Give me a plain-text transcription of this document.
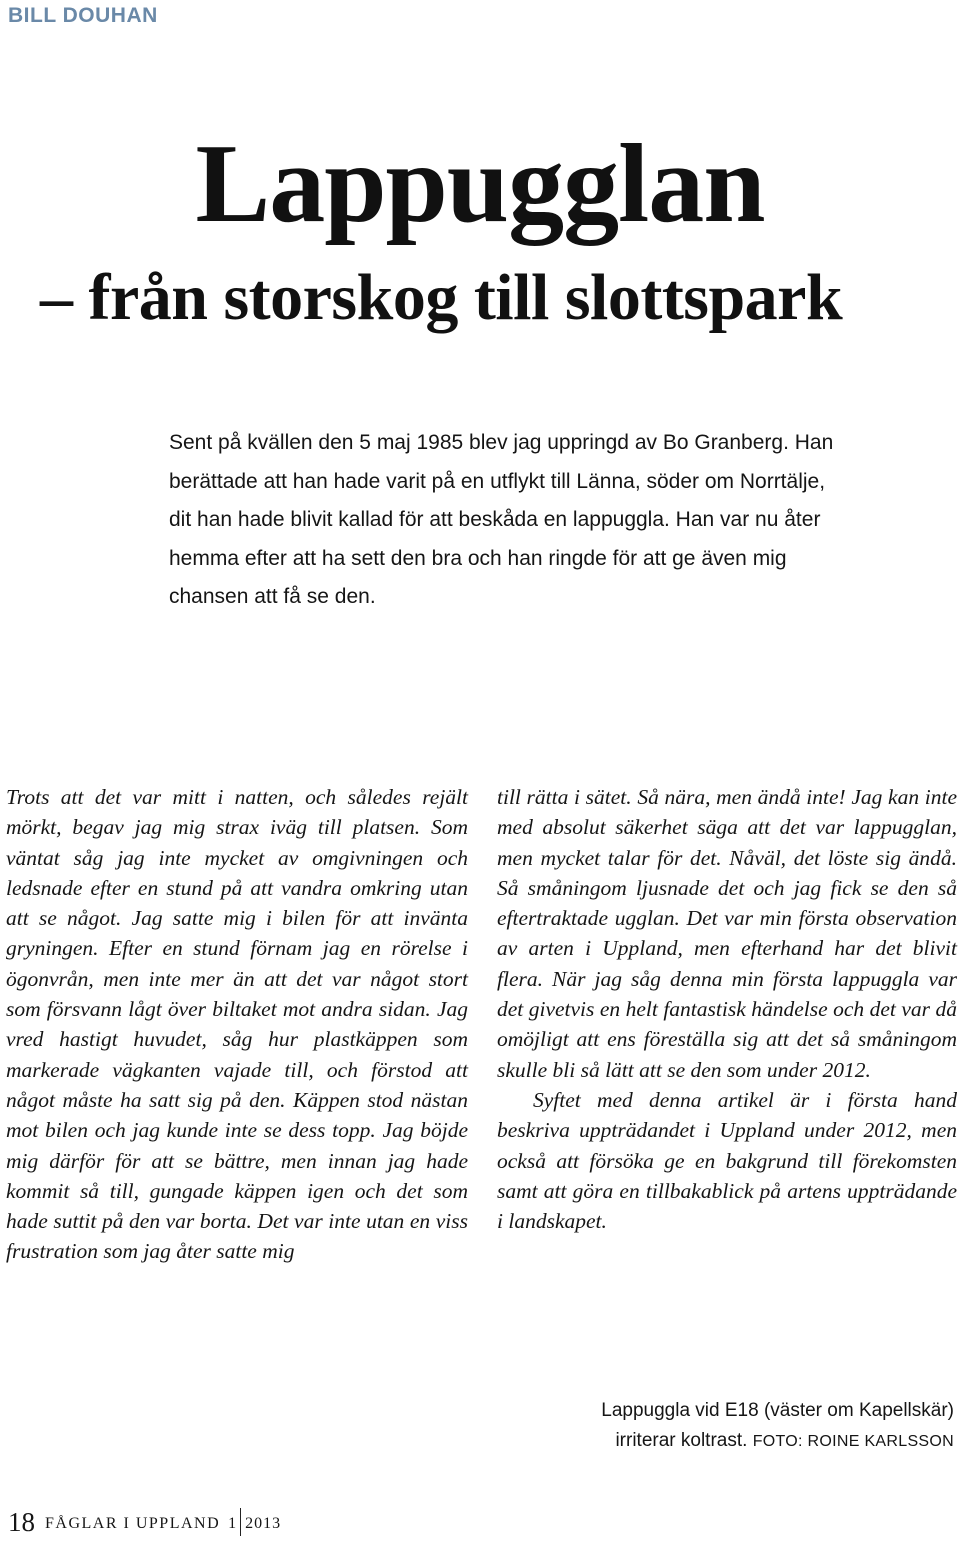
BILL DOUHAN
Lappugglan
– från storskog till slottspark

Sent på kvällen den 5 maj 1985 blev jag uppringd av Bo Granberg. Han berättade att han hade varit på en utflykt till Länna, söder om Norrtälje, dit han hade blivit kallad för att beskåda en lappuggla. Han var nu åter hemma efter att ha sett den bra och han ringde för att ge även mig chansen att få se den.

Trots att det var mitt i natten, och således rejält mörkt, begav jag mig strax iväg till platsen. Som väntat såg jag inte mycket av omgivningen och ledsnade efter en stund på att vandra omkring utan att se något. Jag satte mig i bilen för att invänta gryningen. Efter en stund förnam jag en rörelse i ögonvrån, men inte mer än att det var något stort som försvann lågt över biltaket mot andra sidan. Jag vred hastigt huvudet, såg hur plastkäppen som markerade vägkanten vajade till, och förstod att något måste ha satt sig på den. Käppen stod nästan mot bilen och jag kunde inte se dess topp. Jag böjde mig därför för att se bättre, men innan jag hade kommit så till, gungade käppen igen och det som hade suttit på den var borta. Det var inte utan en viss frustration som jag åter satte mig

till rätta i sätet. Så nära, men ändå inte! Jag kan inte med absolut säkerhet säga att det var lappugglan, men mycket talar för det. Nåväl, det löste sig ändå. Så småningom ljusnade det och jag fick se den så eftertraktade ugglan. Det var min första observation av arten i Uppland, men efterhand har det blivit flera. När jag såg denna min första lappuggla var det givetvis en helt fantastisk händelse och det var då omöjligt att ens föreställa sig att det så småningom skulle bli så lätt att se den som under 2012.

Syftet med denna artikel är i första hand beskriva uppträdandet i Uppland under 2012, men också att försöka ge en bakgrund till förekomsten samt att göra en tillbakablick på artens uppträdande i landskapet.

Lappuggla vid E18 (väster om Kapellskär)
irriterar koltrast. FOTO: ROINE KARLSSON
18 FÅGLAR I UPPLAND 1 2013
